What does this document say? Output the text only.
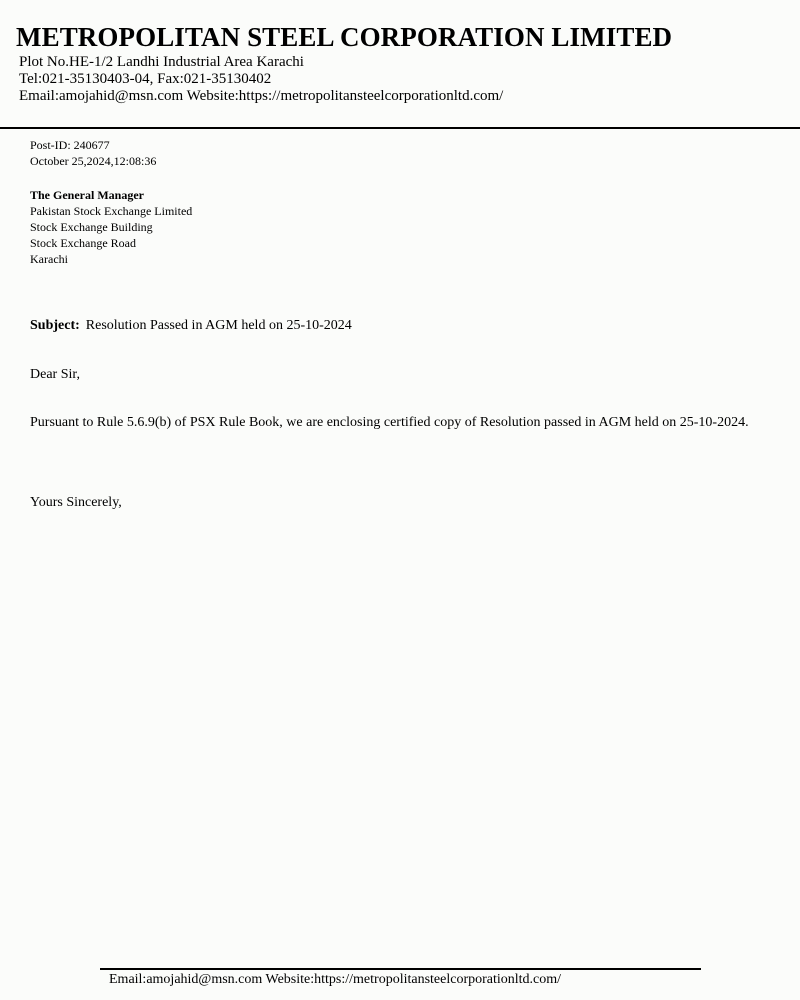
METROPOLITAN STEEL CORPORATION LIMITED
Plot No.HE-1/2 Landhi Industrial Area Karachi
Tel:021-35130403-04, Fax:021-35130402
Email:amojahid@msn.com Website:https://metropolitansteelcorporationltd.com/
Post-ID: 240677
October 25,2024,12:08:36
The General Manager
Pakistan Stock Exchange Limited
Stock Exchange Building
Stock Exchange Road
Karachi
Subject: Resolution Passed in AGM held on 25-10-2024
Dear Sir,
Pursuant to Rule 5.6.9(b) of PSX Rule Book, we are enclosing certified copy of Resolution passed in AGM held on 25-10-2024.
Yours Sincerely,
Email:amojahid@msn.com Website:https://metropolitansteelcorporationltd.com/
